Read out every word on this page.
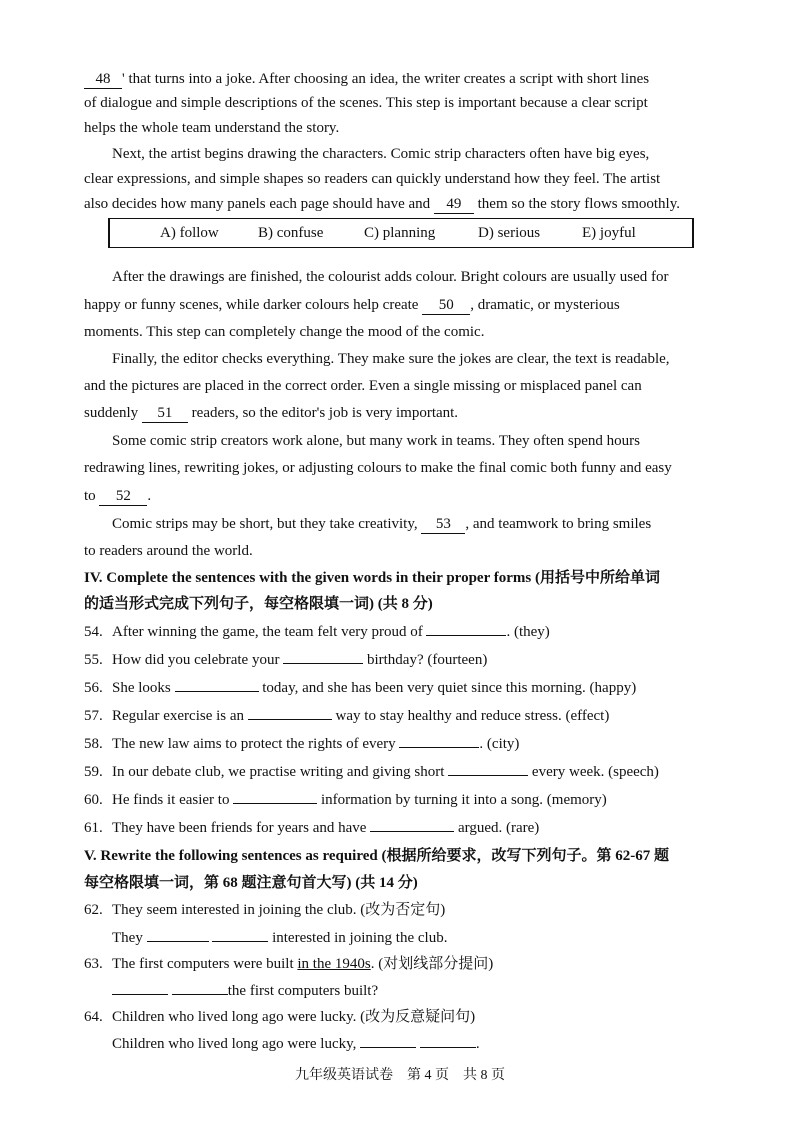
48 ' that turns into a joke. After choosing an idea, the writer creates a script with short lines
of dialogue and simple descriptions of the scenes. This step is important because a clear script
helps the whole team understand the story.
Next, the artist begins drawing the characters. Comic strip characters often have big eyes,
clear expressions, and simple shapes so readers can quickly understand how they feel. The artist
also decides how many panels each page should have and 49 them so the story flows smoothly.
A) follow	B) confuse	C) planning	D) serious	E) joyful
After the drawings are finished, the colourist adds colour. Bright colours are usually used for
happy or funny scenes, while darker colours help create 50 , dramatic, or mysterious
moments. This step can completely change the mood of the comic.
Finally, the editor checks everything. They make sure the jokes are clear, the text is readable,
and the pictures are placed in the correct order. Even a single missing or misplaced panel can
suddenly 51 readers, so the editor's job is very important.
Some comic strip creators work alone, but many work in teams. They often spend hours
redrawing lines, rewriting jokes, or adjusting colours to make the final comic both funny and easy
to 52 .
Comic strips may be short, but they take creativity, 53 , and teamwork to bring smiles
to readers around the world.
IV. Complete the sentences with the given words in their proper forms (用括号中所给单词
的适当形式完成下列句子，每空格限填一词) (共 8 分)
54. After winning the game, the team felt very proud of	. (they)
55. How did you celebrate your	birthday? (fourteen)
56. She looks	today, and she has been very quiet since this morning. (happy)
57. Regular exercise is an	way to stay healthy and reduce stress. (effect)
58. The new law aims to protect the rights of every	. (city)
59. In our debate club, we practise writing and giving short	every week. (speech)
60. He finds it easier to	information by turning it into a song. (memory)
61. They have been friends for years and have	argued. (rare)
V. Rewrite the following sentences as required (根据所给要求，改写下列句子。第 62-67 题
每空格限填一词，第 68 题注意句首大写) (共 14 分)
62. They seem interested in joining the club. (改为否定句)
They	interested in joining the club.
63. The first computers were built in the 1940s. (对划线部分提问)
the first computers built?
64. Children who lived long ago were lucky. (改为反意疑问句)
Children who lived long ago were lucky,	.
九年级英语试卷　第 4 页　共 8 页
